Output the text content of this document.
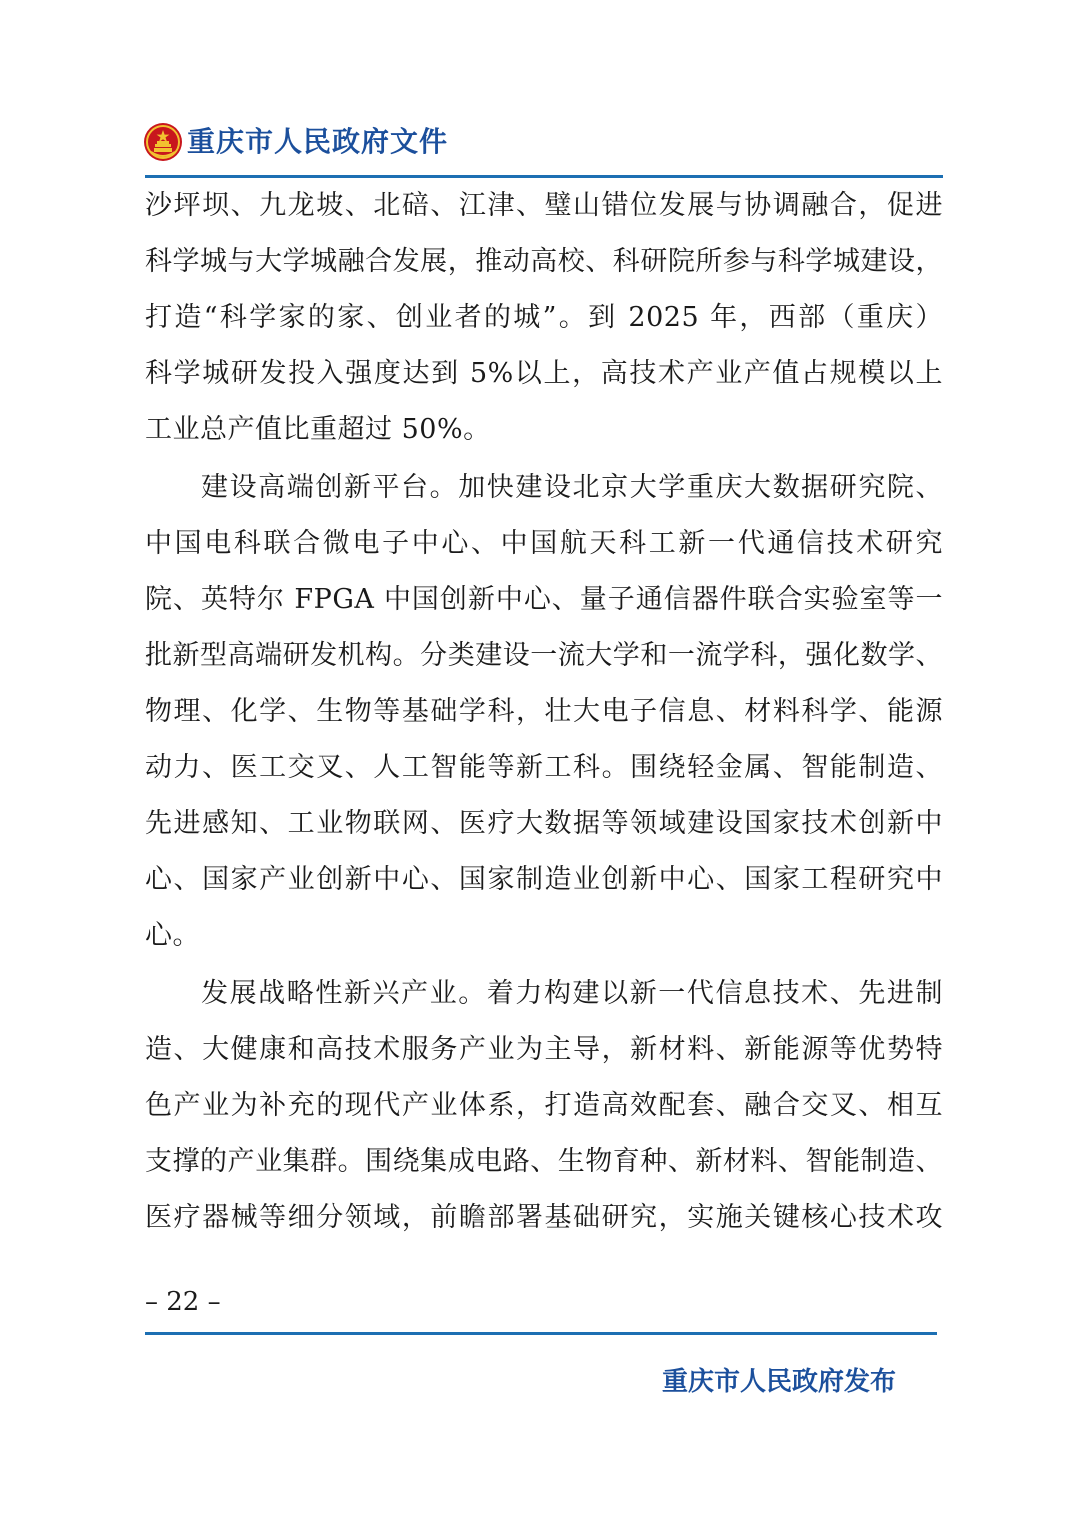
重庆市人民政府文件
沙坪坝、九龙坡、北碚、江津、璧山错位发展与协调融合，促进
科学城与大学城融合发展，推动高校、科研院所参与科学城建设，
打造“科学家的家、创业者的城”。到 2025 年，西部（重庆）
科学城研发投入强度达到 5%以上，高技术产业产值占规模以上
工业总产值比重超过 50%。
建设高端创新平台。加快建设北京大学重庆大数据研究院、
中国电科联合微电子中心、中国航天科工新一代通信技术研究
院、英特尔 FPGA 中国创新中心、量子通信器件联合实验室等一
批新型高端研发机构。分类建设一流大学和一流学科，强化数学、
物理、化学、生物等基础学科，壮大电子信息、材料科学、能源
动力、医工交叉、人工智能等新工科。围绕轻金属、智能制造、
先进感知、工业物联网、医疗大数据等领域建设国家技术创新中
心、国家产业创新中心、国家制造业创新中心、国家工程研究中
心。
发展战略性新兴产业。着力构建以新一代信息技术、先进制
造、大健康和高技术服务产业为主导，新材料、新能源等优势特
色产业为补充的现代产业体系，打造高效配套、融合交叉、相互
支撑的产业集群。围绕集成电路、生物育种、新材料、智能制造、
医疗器械等细分领域，前瞻部署基础研究，实施关键核心技术攻
– 22 –
重庆市人民政府发布
